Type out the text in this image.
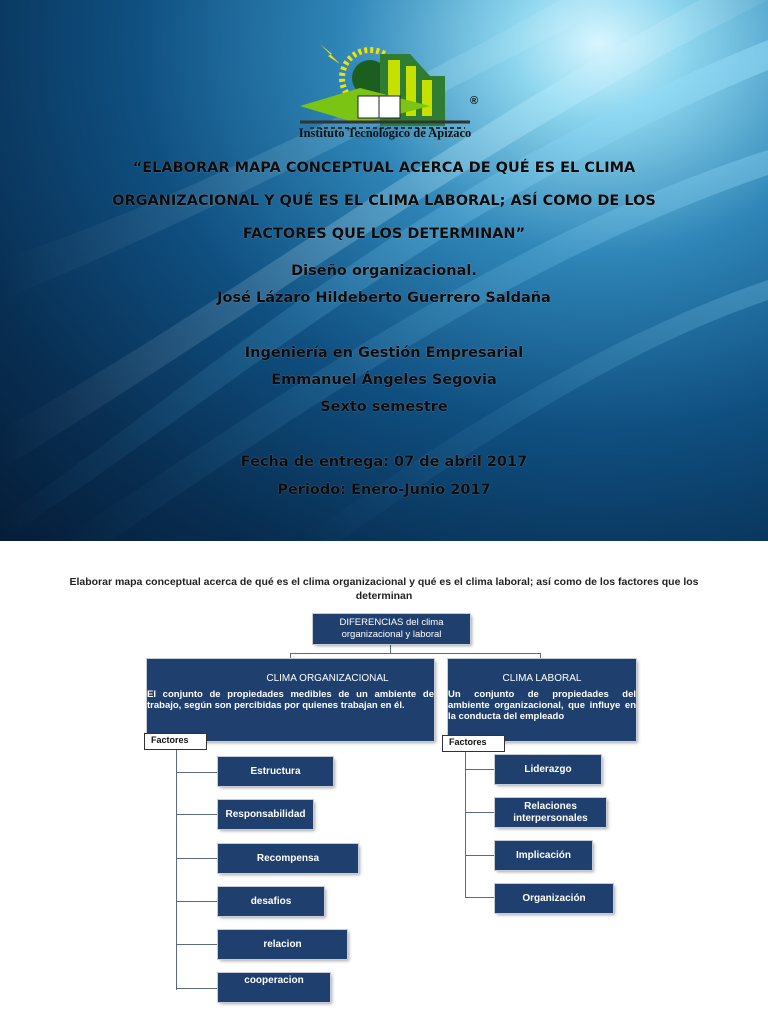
®
Instituto Tecnológico de Apizaco
“ELABORAR MAPA CONCEPTUAL ACERCA DE QUÉ ES EL CLIMA
ORGANIZACIONAL Y QUÉ ES EL CLIMA LABORAL; ASÍ COMO DE LOS
FACTORES QUE LOS DETERMINAN”
Diseño organizacional.
José Lázaro Hildeberto Guerrero Saldaña
Ingeniería en Gestión Empresarial
Emmanuel Ángeles Segovia
Sexto semestre
Fecha de entrega: 07 de abril 2017
Periodo: Enero-Junio 2017
Elaborar mapa conceptual acerca de qué es el clima organizacional y qué es el clima laboral; así como de los factores que los
determinan
DIFERENCIAS del clima organizacional y laboral
CLIMA ORGANIZACIONAL
El conjunto de propiedades medibles de un ambiente de trabajo, según son percibidas por quienes trabajan en él.
CLIMA LABORAL
Un conjunto de propiedades del ambiente organizacional, que influye en la conducta del empleado
Factores	Factores
Estructura
Responsabilidad
Recompensa
desafios
relacion
cooperacion
Liderazgo
Relaciones interpersonales
Implicación
Organización
